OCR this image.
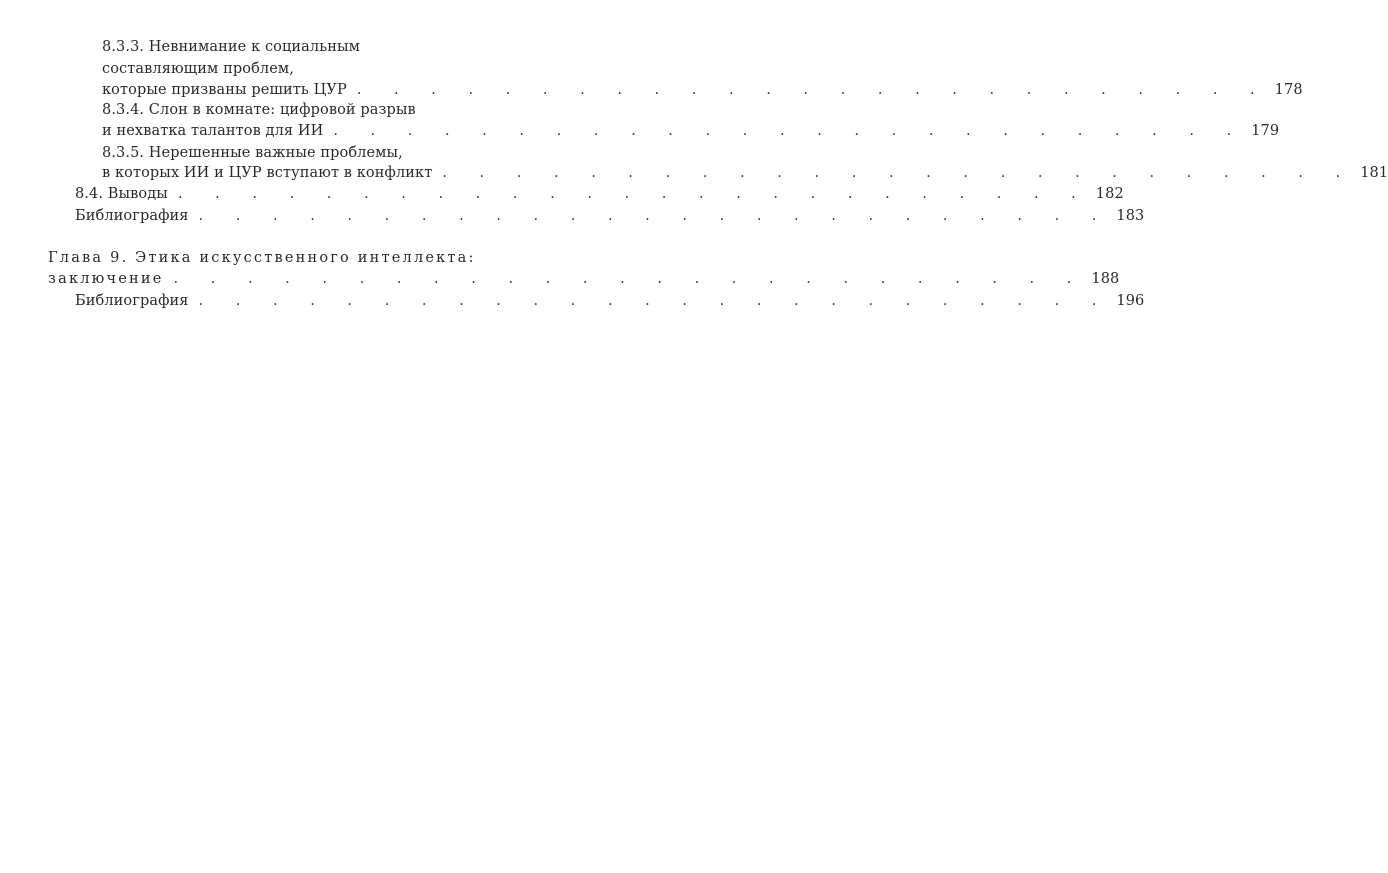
8.3.3. Невнимание к социальным
составляющим проблем,
которые призваны решить ЦУР . . . . . . . . . . . . . . . . . . . . . . . . . 178
8.3.4. Слон в комнате: цифровой разрыв
и нехватка талантов для ИИ . . . . . . . . . . . . . . . . . . . . . . . . . 179
8.3.5. Нерешенные важные проблемы,
в которых ИИ и ЦУР вступают в конфликт . . . . . . . . . . . . . . . . . . . . . . . . . 181
8.4. Выводы . . . . . . . . . . . . . . . . . . . . . . . . . 182
Библиография . . . . . . . . . . . . . . . . . . . . . . . . . 183
Глава 9. Этика искусственного интеллекта:
заключение . . . . . . . . . . . . . . . . . . . . . . . . . 188
Библиография . . . . . . . . . . . . . . . . . . . . . . . . . 196
